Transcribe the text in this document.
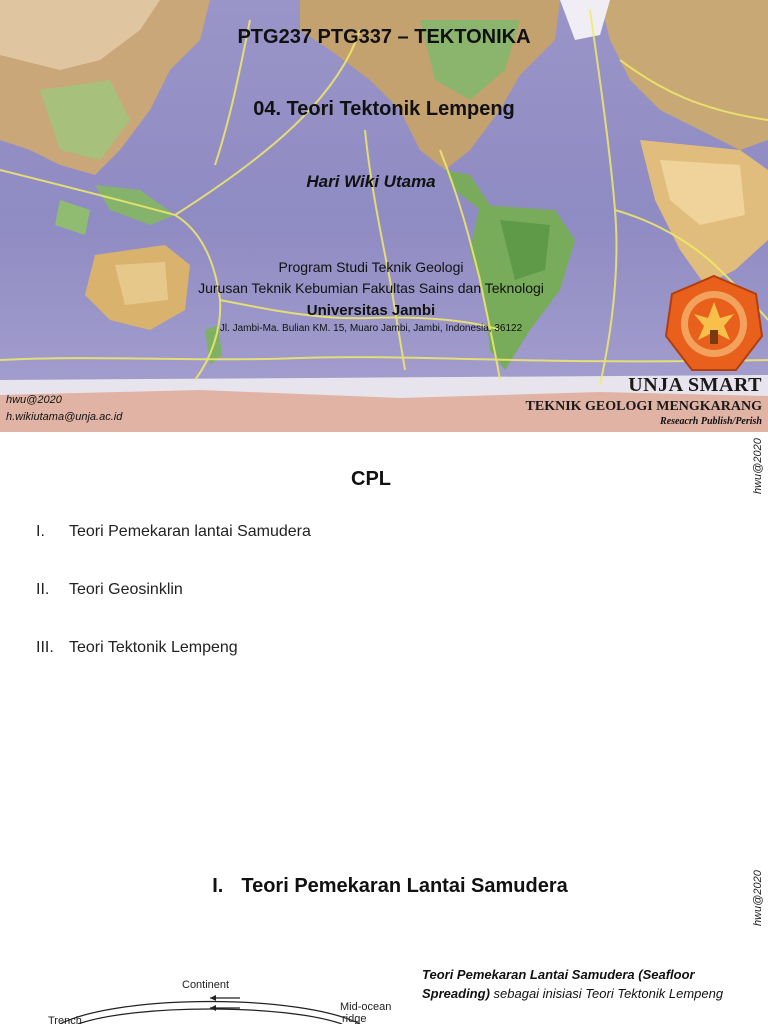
PTG237 PTG337 – TEKTONIKA
04. Teori Tektonik Lempeng
Hari Wiki Utama
Program Studi Teknik Geologi
Jurusan Teknik Kebumian Fakultas Sains dan Teknologi
Universitas Jambi
Jl. Jambi-Ma. Bulian KM. 15, Muaro Jambi, Jambi, Indonesia, 36122
hwu@2020
h.wikiutama@unja.ac.id
UNJA SMART
TEKNIK GEOLOGI MENGKARANG
Reseacrh Publish/Perish
hwu@2020
CPL
I. Teori Pemekaran lantai Samudera
II. Teori Geosinklin
III. Teori Tektonik Lempeng
hwu@2020
I. Teori Pemekaran Lantai Samudera
Teori Pemekaran Lantai Samudera (Seafloor Spreading) sebagai inisiasi Teori Tektonik Lempeng
Continent
Trench
Mid-ocean
ridge
